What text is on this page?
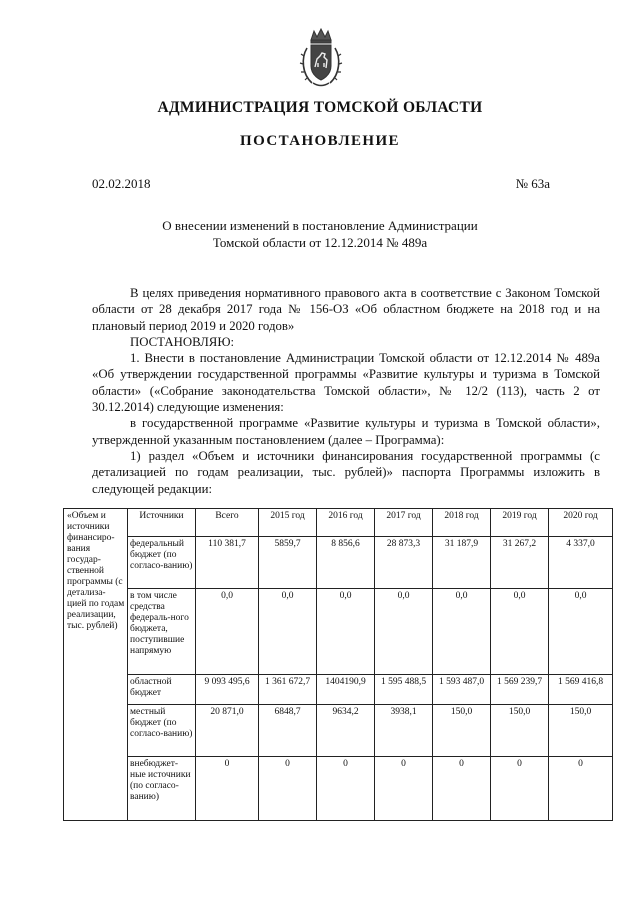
АДМИНИСТРАЦИЯ ТОМСКОЙ ОБЛАСТИ
ПОСТАНОВЛЕНИЕ
02.02.2018	№ 63а
О внесении изменений в постановление Администрации
Томской области от 12.12.2014 № 489а

В целях приведения нормативного правового акта в соответствие с Законом Томской области от 28 декабря 2017 года № 156-ОЗ «Об областном бюджете на 2018 год и на плановый период 2019 и 2020 годов»

ПОСТАНОВЛЯЮ:

1. Внести в постановление Администрации Томской области от 12.12.2014 № 489а «Об утверждении государственной программы «Развитие культуры и туризма в Томской области» («Собрание законодательства Томской области», № 12/2 (113), часть 2 от 30.12.2014) следующие изменения:

в государственной программе «Развитие культуры и туризма в Томской области», утвержденной указанным постановлением (далее – Программа):

1) раздел «Объем и источники финансирования государственной программы (с детализацией по годам реализации, тыс. рублей)» паспорта Программы изложить в следующей редакции:

«Объем и источники финансиро-вания государ-ственной программы (с детализа-цией по годам реализации, тыс. рублей)	Источники	Всего	2015 год	2016 год	2017 год	2018 год	2019 год	2020 год
	федеральный бюджет (по согласо-ванию)	110 381,7	5859,7	8 856,6	28 873,3	31 187,9	31 267,2	4 337,0
	в том числе средства федераль-ного бюджета, поступившие напрямую	0,0	0,0	0,0	0,0	0,0	0,0	0,0
	областной бюджет	9 093 495,6	1 361 672,7	1404190,9	1 595 488,5	1 593 487,0	1 569 239,7	1 569 416,8
	местный бюджет (по согласо-ванию)	20 871,0	6848,7	9634,2	3938,1	150,0	150,0	150,0
	внебюджет-ные источники (по согласо-ванию)	0	0	0	0	0	0	0
